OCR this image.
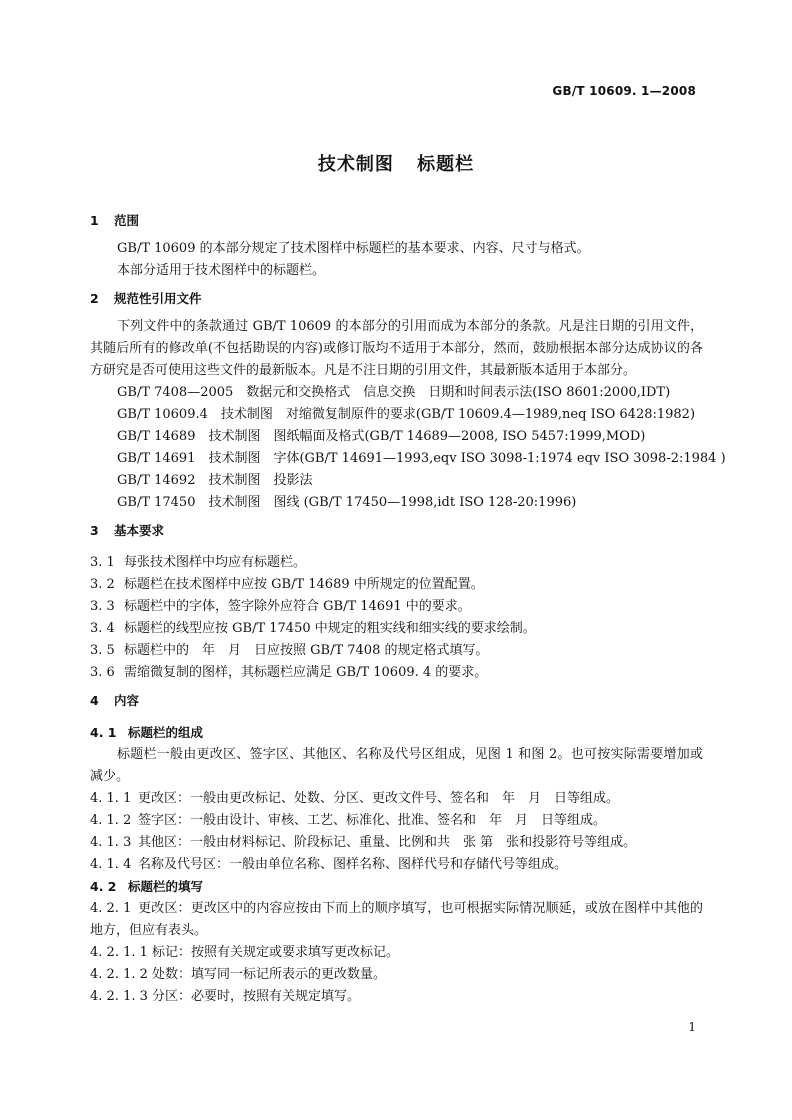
GB/T 10609. 1—2008
技术制图 标题栏
1 范围
GB/T 10609 的本部分规定了技术图样中标题栏的基本要求、内容、尺寸与格式。
本部分适用于技术图样中的标题栏。
2 规范性引用文件
下列文件中的条款通过 GB/T 10609 的本部分的引用而成为本部分的条款。凡是注日期的引用文件，其随后所有的修改单(不包括勘误的内容)或修订版均不适用于本部分，然而，鼓励根据本部分达成协议的各方研究是否可使用这些文件的最新版本。凡是不注日期的引用文件，其最新版本适用于本部分。
GB/T 7408—2005　数据元和交换格式　信息交换　日期和时间表示法(ISO 8601:2000,IDT)
GB/T 10609.4　技术制图　对缩微复制原件的要求(GB/T 10609.4—1989,neq ISO 6428:1982)
GB/T 14689　技术制图　图纸幅面及格式(GB/T 14689—2008, ISO 5457:1999,MOD)
GB/T 14691　技术制图　字体(GB/T 14691—1993,eqv ISO 3098-1:1974 eqv ISO 3098-2:1984 )
GB/T 14692　技术制图　投影法
GB/T 17450　技术制图　图线 (GB/T 17450—1998,idt ISO 128-20:1996)
3 基本要求
3. 1 每张技术图样中均应有标题栏。
3. 2 标题栏在技术图样中应按 GB/T 14689 中所规定的位置配置。
3. 3 标题栏中的字体，签字除外应符合 GB/T 14691 中的要求。
3. 4 标题栏的线型应按 GB/T 17450 中规定的粗实线和细实线的要求绘制。
3. 5 标题栏中的　年　月　日应按照 GB/T 7408 的规定格式填写。
3. 6 需缩微复制的图样，其标题栏应满足 GB/T 10609. 4 的要求。
4 内容
4. 1 标题栏的组成
标题栏一般由更改区、签字区、其他区、名称及代号区组成，见图 1 和图 2。也可按实际需要增加或减少。
4. 1. 1 更改区：一般由更改标记、处数、分区、更改文件号、签名和　年　月　日等组成。
4. 1. 2 签字区：一般由设计、审核、工艺、标准化、批准、签名和　年　月　日等组成。
4. 1. 3 其他区：一般由材料标记、阶段标记、重量、比例和共　张 第　张和投影符号等组成。
4. 1. 4 名称及代号区：一般由单位名称、图样名称、图样代号和存储代号等组成。
4. 2 标题栏的填写
4. 2. 1 更改区：更改区中的内容应按由下而上的顺序填写，也可根据实际情况顺延，或放在图样中其他的地方，但应有表头。
4. 2. 1. 1 标记：按照有关规定或要求填写更改标记。
4. 2. 1. 2 处数：填写同一标记所表示的更改数量。
4. 2. 1. 3 分区：必要时，按照有关规定填写。
1
